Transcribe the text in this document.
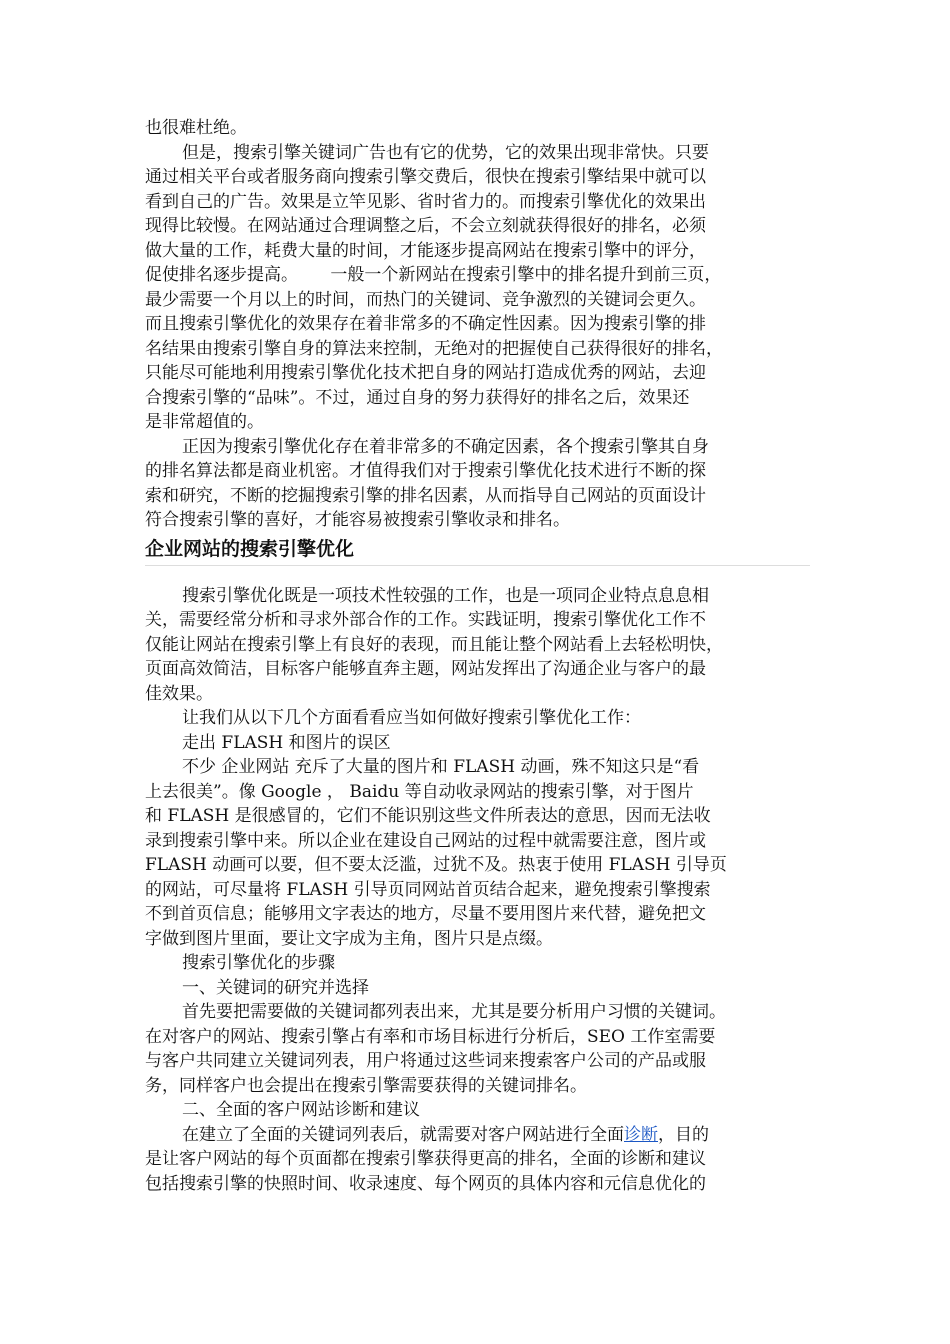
也很难杜绝。
但是，搜索引擎关键词广告也有它的优势，它的效果出现非常快。只要
通过相关平台或者服务商向搜索引擎交费后，很快在搜索引擎结果中就可以
看到自己的广告。效果是立竿见影、省时省力的。而搜索引擎优化的效果出
现得比较慢。在网站通过合理调整之后，不会立刻就获得很好的排名，必须
做大量的工作，耗费大量的时间，才能逐步提高网站在搜索引擎中的评分，
促使排名逐步提高。      一般一个新网站在搜索引擎中的排名提升到前三页，
最少需要一个月以上的时间，而热门的关键词、竞争激烈的关键词会更久。
而且搜索引擎优化的效果存在着非常多的不确定性因素。因为搜索引擎的排
名结果由搜索引擎自身的算法来控制，无绝对的把握使自己获得很好的排名，
只能尽可能地利用搜索引擎优化技术把自身的网站打造成优秀的网站，去迎
合搜索引擎的“品味”。不过，通过自身的努力获得好的排名之后，效果还
是非常超值的。
正因为搜索引擎优化存在着非常多的不确定因素，各个搜索引擎其自身
的排名算法都是商业机密。才值得我们对于搜索引擎优化技术进行不断的探
索和研究，不断的挖掘搜索引擎的排名因素，从而指导自己网站的页面设计
符合搜索引擎的喜好，才能容易被搜索引擎收录和排名。
企业网站的搜索引擎优化
搜索引擎优化既是一项技术性较强的工作，也是一项同企业特点息息相
关，需要经常分析和寻求外部合作的工作。实践证明，搜索引擎优化工作不
仅能让网站在搜索引擎上有良好的表现，而且能让整个网站看上去轻松明快，
页面高效简洁，目标客户能够直奔主题，网站发挥出了沟通企业与客户的最
佳效果。
让我们从以下几个方面看看应当如何做好搜索引擎优化工作：
走出 FLASH 和图片的误区
不少 企业网站 充斥了大量的图片和 FLASH 动画，殊不知这只是“看
上去很美”。像 Google ， Baidu 等自动收录网站的搜索引擎，对于图片
和 FLASH 是很感冒的，它们不能识别这些文件所表达的意思，因而无法收
录到搜索引擎中来。所以企业在建设自己网站的过程中就需要注意，图片或
FLASH 动画可以要，但不要太泛滥，过犹不及。热衷于使用 FLASH 引导页
的网站，可尽量将 FLASH 引导页同网站首页结合起来，避免搜索引擎搜索
不到首页信息；能够用文字表达的地方，尽量不要用图片来代替，避免把文
字做到图片里面，要让文字成为主角，图片只是点缀。
搜索引擎优化的步骤
一、关键词的研究并选择
首先要把需要做的关键词都列表出来，尤其是要分析用户习惯的关键词。
在对客户的网站、搜索引擎占有率和市场目标进行分析后，SEO 工作室需要
与客户共同建立关键词列表，用户将通过这些词来搜索客户公司的产品或服
务，同样客户也会提出在搜索引擎需要获得的关键词排名。
二、全面的客户网站诊断和建议
在建立了全面的关键词列表后，就需要对客户网站进行全面诊断，目的
是让客户网站的每个页面都在搜索引擎获得更高的排名，全面的诊断和建议
包括搜索引擎的快照时间、收录速度、每个网页的具体内容和元信息优化的
